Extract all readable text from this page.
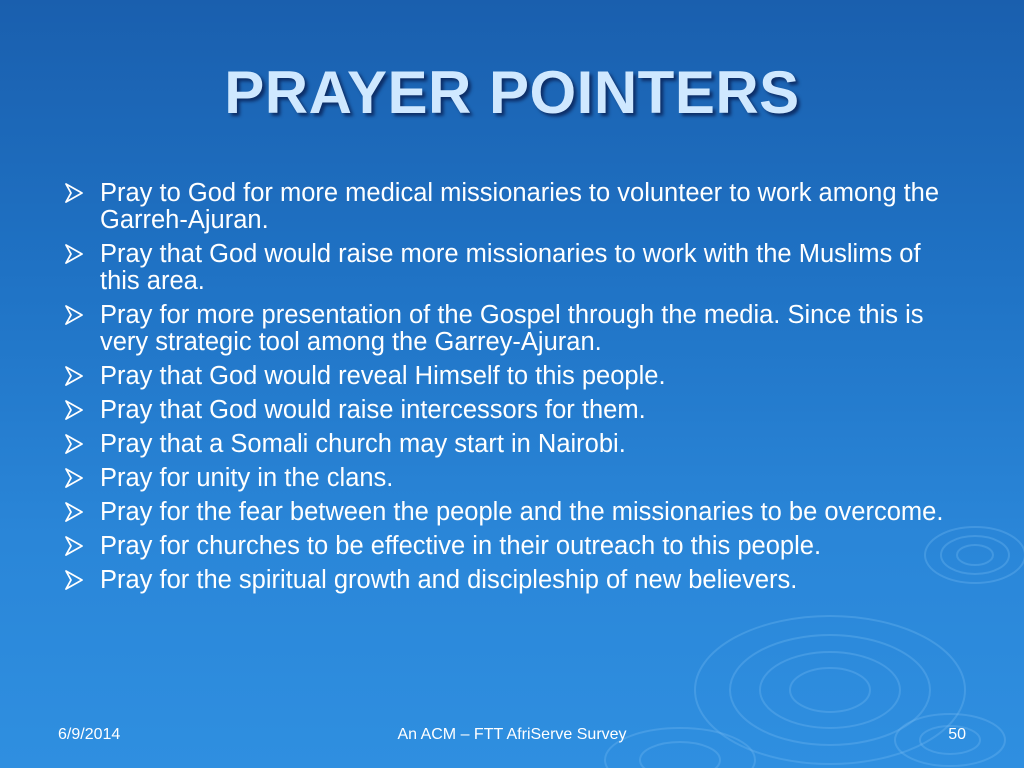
PRAYER POINTERS
Pray to God for more medical missionaries to volunteer to work among the Garreh-Ajuran.
Pray that God would raise more missionaries to work with the Muslims of this area.
Pray for more presentation of the Gospel through the media. Since this is very strategic tool among the Garrey-Ajuran.
Pray that God would reveal Himself to this people.
Pray that God would raise intercessors for them.
Pray that a Somali church may start in Nairobi.
Pray for unity in the clans.
Pray for the fear between the people and the missionaries to be overcome.
Pray for churches to be effective in their outreach to this people.
Pray for the spiritual growth and discipleship of new believers.
6/9/2014	An ACM – FTT AfriServe Survey	50
